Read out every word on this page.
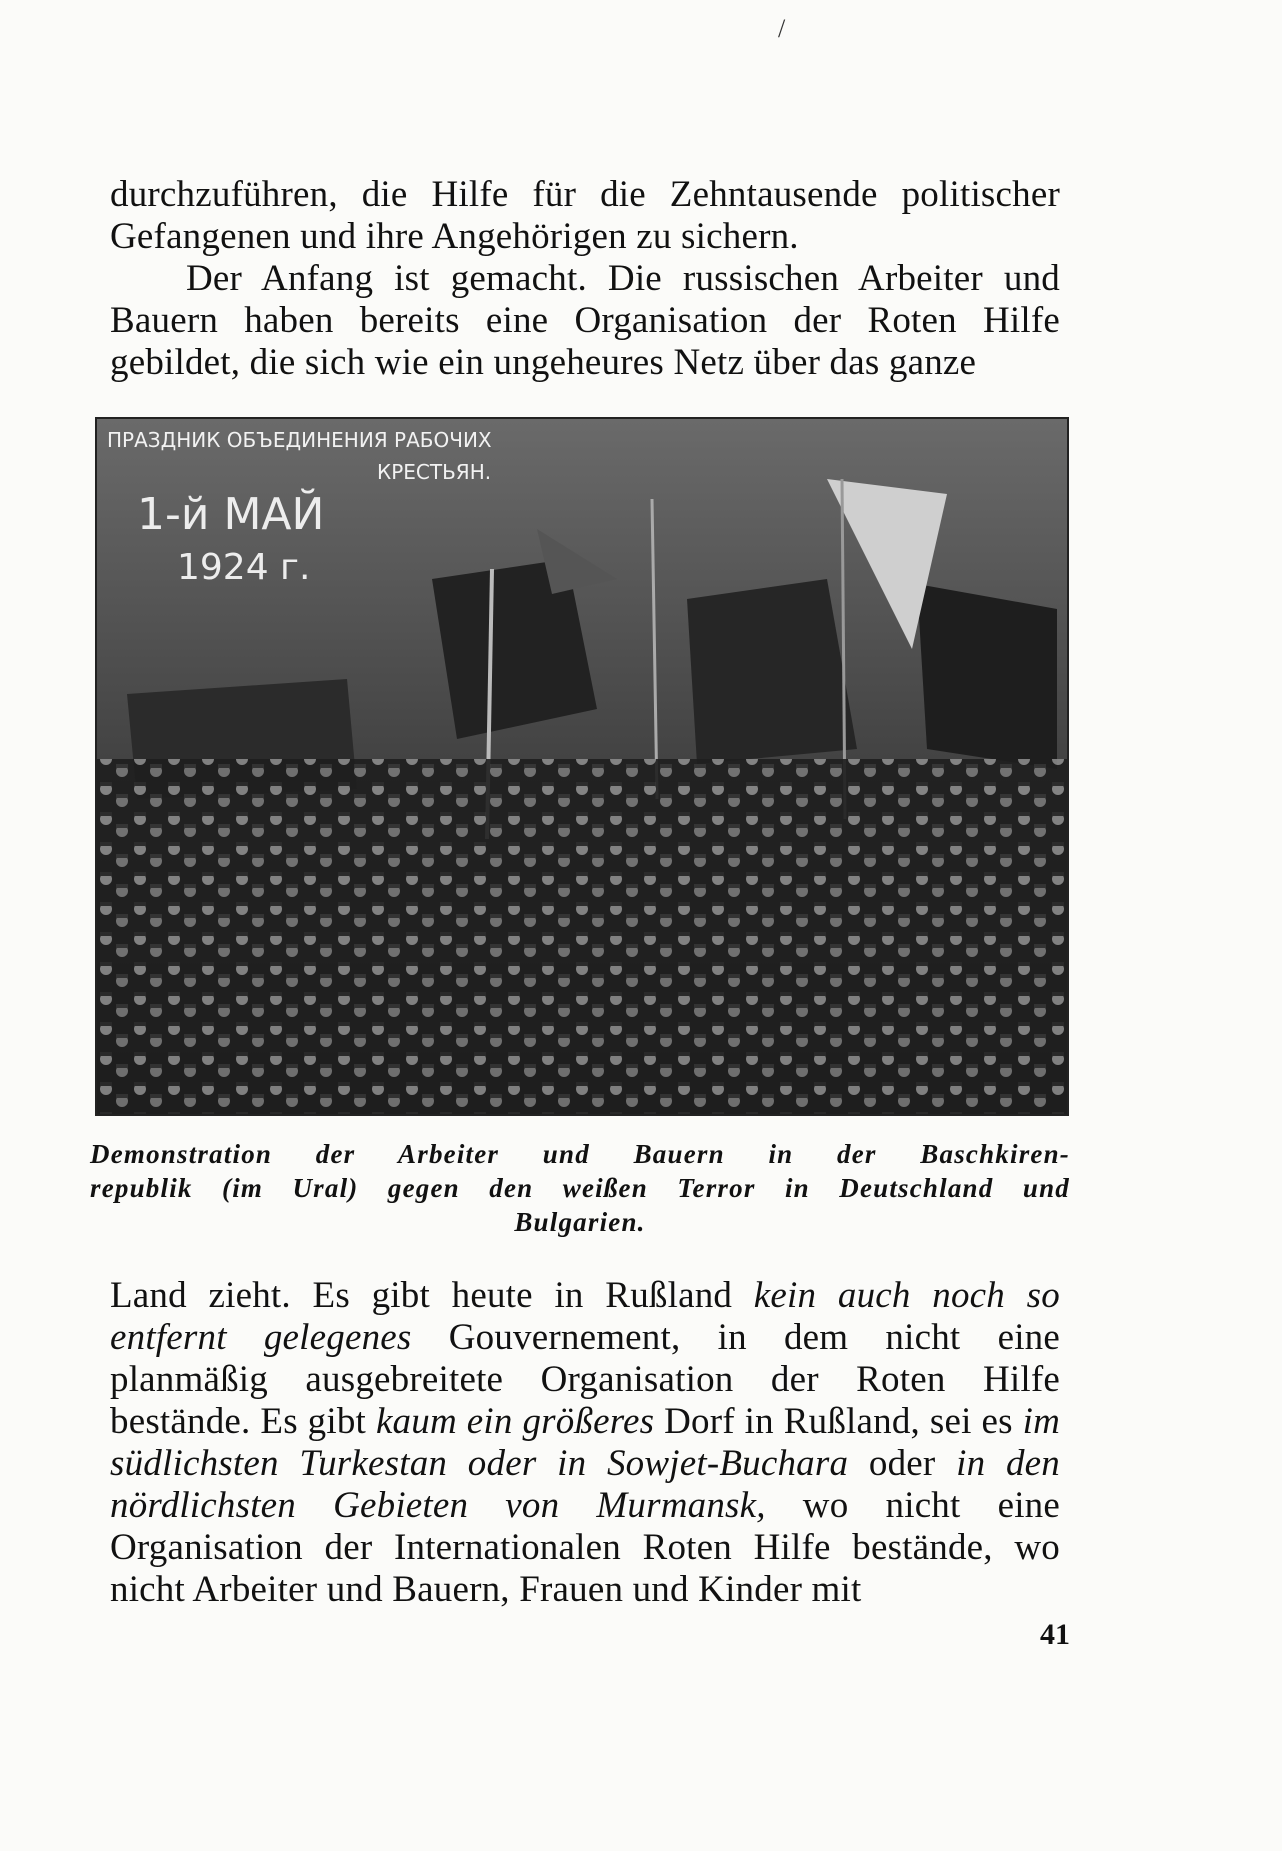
/

durchzuführen, die Hilfe für die Zehntausende politischer Gefangenen und ihre Angehörigen zu sichern.

Der Anfang ist gemacht. Die russischen Arbeiter und Bauern haben bereits eine Organisation der Roten Hilfe gebildet, die sich wie ein ungeheures Netz über das ganze

ПРАЗДНИК ОБЪЕДИНЕНИЯ РАБОЧИХ
КРЕСТЬЯН.
1-й МАЙ
1924 г.
Demonstration der Arbeiter und Bauern in der Baschkiren-
republik (im Ural) gegen den weißen Terror in Deutschland und
Bulgarien.

Land zieht. Es gibt heute in Rußland kein auch noch so entfernt gelegenes Gouvernement, in dem nicht eine planmäßig ausgebreitete Organisation der Roten Hilfe bestände. Es gibt kaum ein größeres Dorf in Rußland, sei es im südlichsten Turkestan oder in Sowjet-Buchara oder in den nördlichsten Gebieten von Murmansk, wo nicht eine Organisation der Internationalen Roten Hilfe bestände, wo nicht Arbeiter und Bauern, Frauen und Kinder mit

41
